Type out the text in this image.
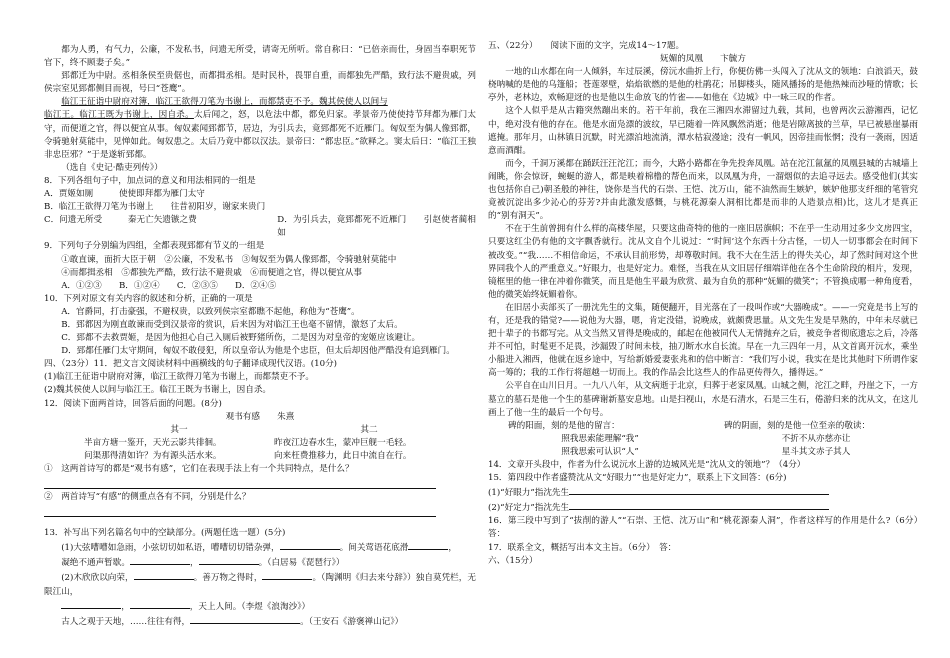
都为人勇，有气力，公廉，不发私书，问遗无所受，请寄无所听。常自称曰：“已倍亲而仕，身固当奉职死节官下，终不顾妻子矣。”

郅都迁为中尉。丞相条侯至贵倨也，而都揖丞相。是时民朴，畏罪自重，而都独先严酷，致行法不避贵戚，列侯宗室见郅都侧目而视，号曰“苍鹰”。

临江王征诣中尉府对簿，临江王欲得刀笔为书谢上，而都禁吏不予。魏其侯使人以间与
临江王。临江王既为书谢上，因自杀。太后闻之，怒，以危法中都，都免归家。孝景帝乃使使持节拜都为雁门太守，而便道之官，得以便宜从事。匈奴素闻郅都节，居边，为引兵去，竟郅都死不近雁门。匈奴至为偶人像郅都，令骑驰射莫能中，见惮如此。匈奴患之。太后乃竟中都以汉法。景帝曰：“都忠臣。”欲释之。窦太后曰：“临江王独非忠臣邪？”于是遂斩郅都。

（选自《史记·酷吏列传》）

8．下列各组句子中，加点词的意义和用法相同的一组是

A．贾姬如厕　　　使使即拜都为雁门太守

B．临江王欲得刀笔为书谢上　　往昔初阳岁，谢家来贵门

C．问遗无所受　　　秦无亡矢遗镞之费	D．为引兵去，竟郅都死不近雁门　　引赵使者蔺相如

9．下列句子分别编为四组，全都表现郅都有节义的一组是

①敢直谏，面折大臣于朝　②公廉，不发私书　③匈奴至为偶人像郅都，令骑驰射莫能中

④而都揖丞相　⑤都独先严酷，致行法不避贵戚　⑥而便道之官，得以便宜从事

A．①②③　　B．①②④　　C．②③⑤　　D．②④⑤

10．下列对原文有关内容的叙述和分析，正确的一项是

A．官爵同，打击豪强，不避权贵，以致列侯宗室都瞧不起他，称他为“苍鹰”。

B．郅都因为刚直敢谏而受到汉景帝的赏识，后来因为对临江王也毫不留情，激怒了太后。

C．郅都不去救贾姬，是因为他担心自己入厕后被野猪所伤，二是因为对皇帝的宠姬应该避让。

D．郅都任雁门太守期间，匈奴不敢侵犯，所以皇帝认为他是个忠臣，但太后却因他严酷没有追到雁门。

四、（23分）11．把文言文阅读材料中画横线的句子翻译成现代汉语。(10分)

(1)临江王征诣中尉府对簿，临江王欲得刀笔为书谢上，而都禁吏不予。

(2)魏其侯使人以间与临江王。临江王既为书谢上，因自杀。

12．阅读下面两首诗，回答后面的问题。(8分)

观书有感　　朱熹

其一

半亩方塘一鉴开，天光云影共徘徊。

问渠那得清如许？为有源头活水来。

其二

昨夜江边春水生，蒙冲巨舰一毛轻。

向来枉费推移力，此日中流自在行。

①　这两首诗写的都是“观书有感”，它们在表现手法上有一个共同特点，是什么？

②　两首诗写“有感”的侧重点各有不同，分别是什么？

13．补写出下列名篇名句中的空缺部分。(两题任选一题）(5分)

(1)大弦嘈嘈如急雨，小弦切切如私语，嘈嘈切切错杂弹，	。间关莺语花底滑	，

凝绝不通声暂歇。	，	。（白居易《琵琶行》）

(2)木欣欣以向荣，	。善万物之得时，	。（陶渊明《归去来兮辞》）独自莫凭栏，无限江山，

，	，天上人间。（李煜《浪淘沙》）

古人之观于天地，……往往有得，	。（王安石《游褒禅山记》）

五、（22分）　　阅读下面的文字，完成14～17题。

妩媚的凤凰　　卞毓方

一地的山水都在向一人倾斜，车过辰溪，傍沅水曲折上行，你便仿佛一头闯入了沈从文的领地：白浪滔天，鼓桡呐喊的是他的乌篷船；苍莲翠壁，焰焰欲燃的是他的杜鹃花；吊脚楼头，随风播扬的是他热辣而沙哑的情歌；长亭外，老林边，欢畅迎迓的也是他以生命放飞的竹雀——如他在《边城》中一咏三叹的作者。

这个人似乎是从古籍突然蹦出来的。若干年前，我在三湘四水滞留过九载，其间，也曾两次云游湘西，记忆中，绝对没有他的存在。他是水面凫漂的波纹，早已随着一阵风飘然消逝；他是岩隙离披的兰草，早已被悬崖暴雨遮掩。那年月，山林镇日沉默，时光漂泊地流淌，潭水枯寂漫途；没有一帆风，因帝挂而怅惘；没有一袭雨，因适意而酒酣。

而今，千洞万溪都在踊跃汪汪沱江；而今，大路小路都在争先投奔凤凰。站在沱江氤氲的凤凰县城的古城墙上闹眺，你会惊讶，蜿蜒的游人，都是映着棉橹的帮色而来，以凤凰为舟，一溜烟似的去追寻远去。感受他们(其实也包括你自己)朝圣般的神往，饶你是当代的石崇、王恺、沈万山，能不油然而生嫉妒，嫉妒他那支纤细的笔管究竟被沉淀出多少沁心的芬芳?并由此激发感慨，与桃花源秦人洞相比都是而非的人造景点相)比，这儿才是真正的“别有洞天”。

不在于生前曾拥有什么样的高楼华屋，只要这曲奇特的他的一座旧居旗帜；不在乎一生动用过多少文房四宝，只要这红尘仍有他的文字飘香就行。沈从文自个儿说过：“‘时间’这个东西十分古怪，一切人一切事都会在时间下被改变。”“我……不相信命运，不承认目前形势，却尊敬时间。我不大在生活上的得失关心，却了然时间对这个世界同我个人的严重意义。”好眼力，也是好定力。难怪，当我在从文旧居仔细端详他在各个生命阶段的相片，发现，镜框里的他一律在冲着你微笑，而且是他生平最为欣赏、最为自负的那种“妩媚的微笑”；不管换成哪一种角度看，他的微笑始终妩媚着你。

在旧居小卖部买了一册沈先生的文集，随便翻开，目光落在了一段叫作或“大器晚成”。——一究竟是书上写的有，还是我的错觉?——说他为大器，嗯，肯定没错，说晚成，就颇费思量。从文先生发是早熟的，中年未尽就已把十辈子的书都写完。从文当然又冒得是晚成的，邮起在他被同代人无情抛弃之后，被竞争者彻底遗忘之后，冷落并不可怕，时髦更不足畏，沙漏毁了时间未枝，抽刀断水水自长流。早在一九三四年一月，从文首离开沅水，乘坐小船进入湘西，他就在返乡途中，写给新婚爱妻张兆和的信中断言：“我们写小说，我实在是比其他时下所谓作家高一筹的；我的工作行将超越一切而上。我的作品会比这些人的作品更传得久，播得远。”

公平自在山川日月。一九八八年，从文病逝于北京，归葬于老家凤凰。山城之侧，沱江之畔，丹崖之下，一方墓立的墓石是他一个生的墓碑谢新墓安息地。山是扫视山，水是石清水，石是三生石，倦游归来的沈从文，在这儿画上了他一生的最后一个句号。

碑的阳面，刻的是他的留言：

照我思索能理解“我”

照我思索可认识“人”

碑的阴面，刻的是他一位至亲的敬读：

不折不从亦慈亦让

星斗其文赤子其人

14．文章开头段中，作者为什么说沅水上游的边城风光是“沈从文的领地”？（4分）

15．第四段中作者盛赞沈从文“好眼力”“也是好定力”，联系上下文回答：(6分)

(1)“好眼力”指沈先生

(2)“好定力”指沈先生

16．第三段中写到了“拔削的游人”“石崇、王恺、沈万山”和“桃花源秦人洞”，作者这样写的作用是什么?（6分）　答：

17．联系全文，概括写出本文主旨。（6分）　答：

六、（15分）
